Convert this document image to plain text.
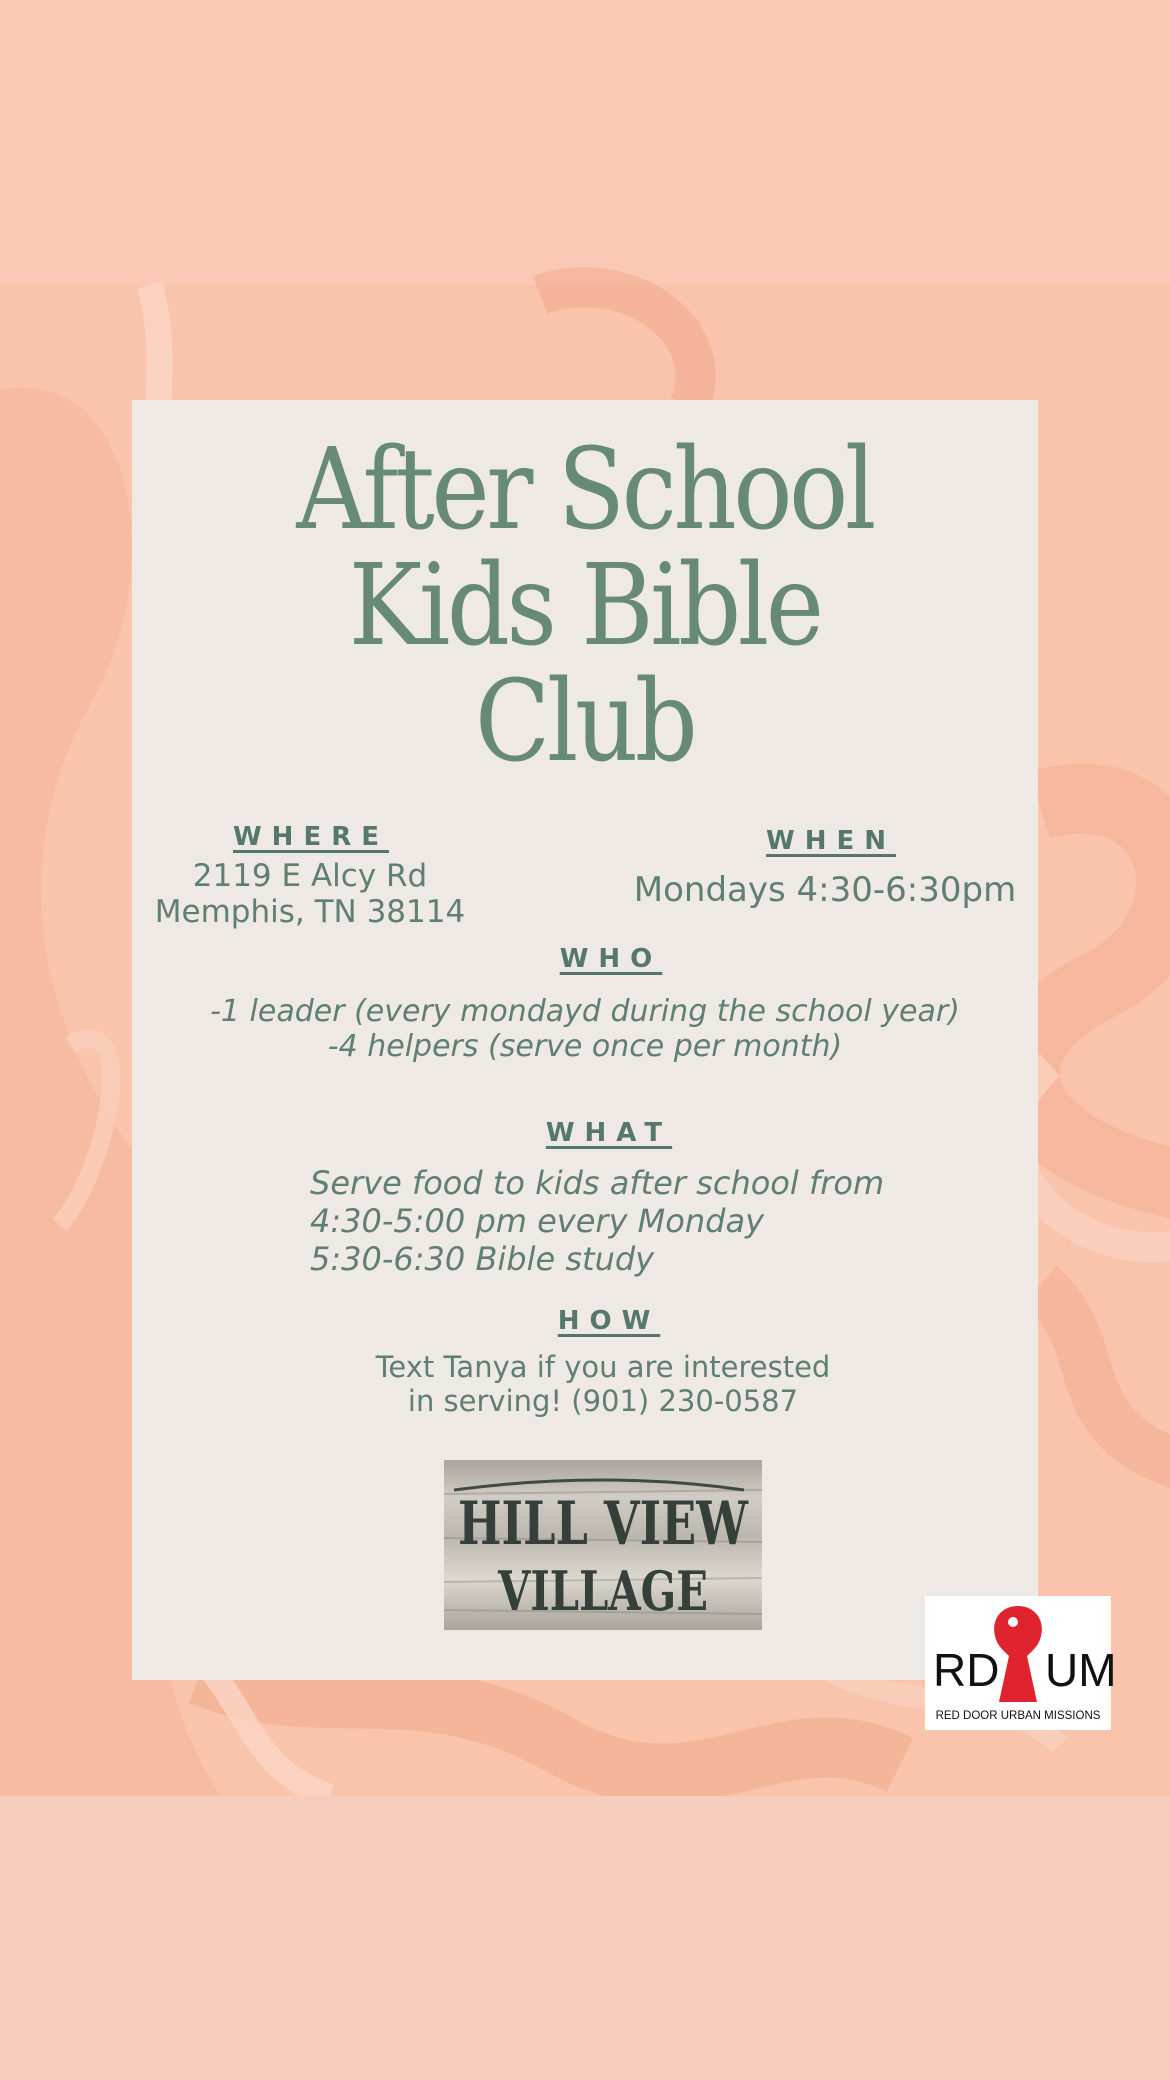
After School
Kids Bible
Club
WHERE
2119 E Alcy Rd
Memphis, TN 38114
WHEN
Mondays 4:30-6:30pm
WHO
-1 leader (every mondayd during the school year)
-4 helpers (serve once per month)
WHAT
Serve food to kids after school from
4:30-5:00 pm every Monday
5:30-6:30 Bible study
HOW
Text Tanya if you are interested
in serving! (901) 230-0587
HILL VIEW
VILLAGE
RD UM
RED DOOR URBAN MISSIONS
